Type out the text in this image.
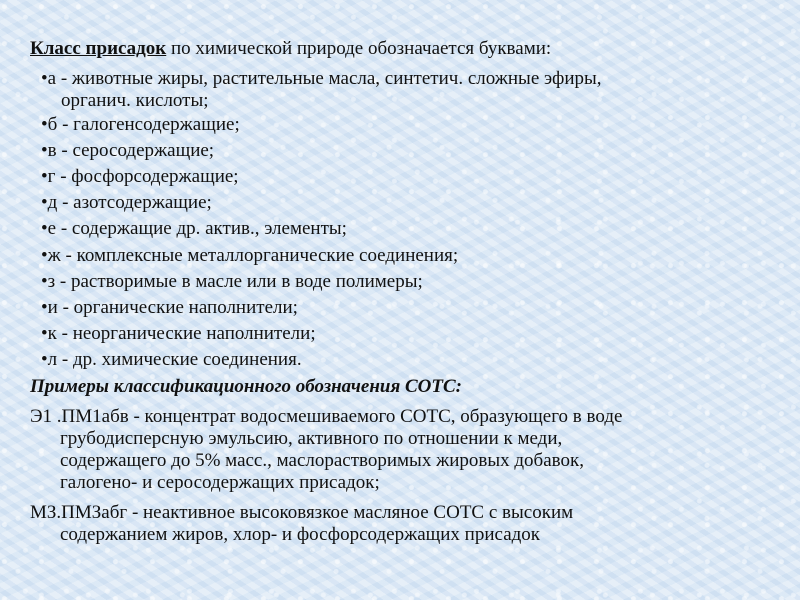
Класс присадок по химической природе обозначается буквами:
•а - животные жиры, растительные масла, синтетич. сложные эфиры,
органич. кислоты;
•б - галогенсодержащие;
•в - серосодержащие;
•г - фосфорсодержащие;
•д - азотсодержащие;
•е - содержащие др. актив., элементы;
•ж - комплексные металлорганические соединения;
•з - растворимые в масле или в воде полимеры;
•и - органические наполнители;
•к - неорганические наполнители;
•л - др. химические соединения.
Примеры классификационного обозначения СОТС:
Э1 .ПМ1абв - концентрат водосмешиваемого СОТС, образующего в воде
грубодисперсную эмульсию, активного по отношении к меди,
содержащего до 5% масс., маслорастворимых жировых добавок,
галогено- и серосодержащих присадок;
МЗ.ПМЗабг - неактивное высоковязкое масляное СОТС с высоким
содержанием жиров, хлор- и фосфорсодержащих присадок
